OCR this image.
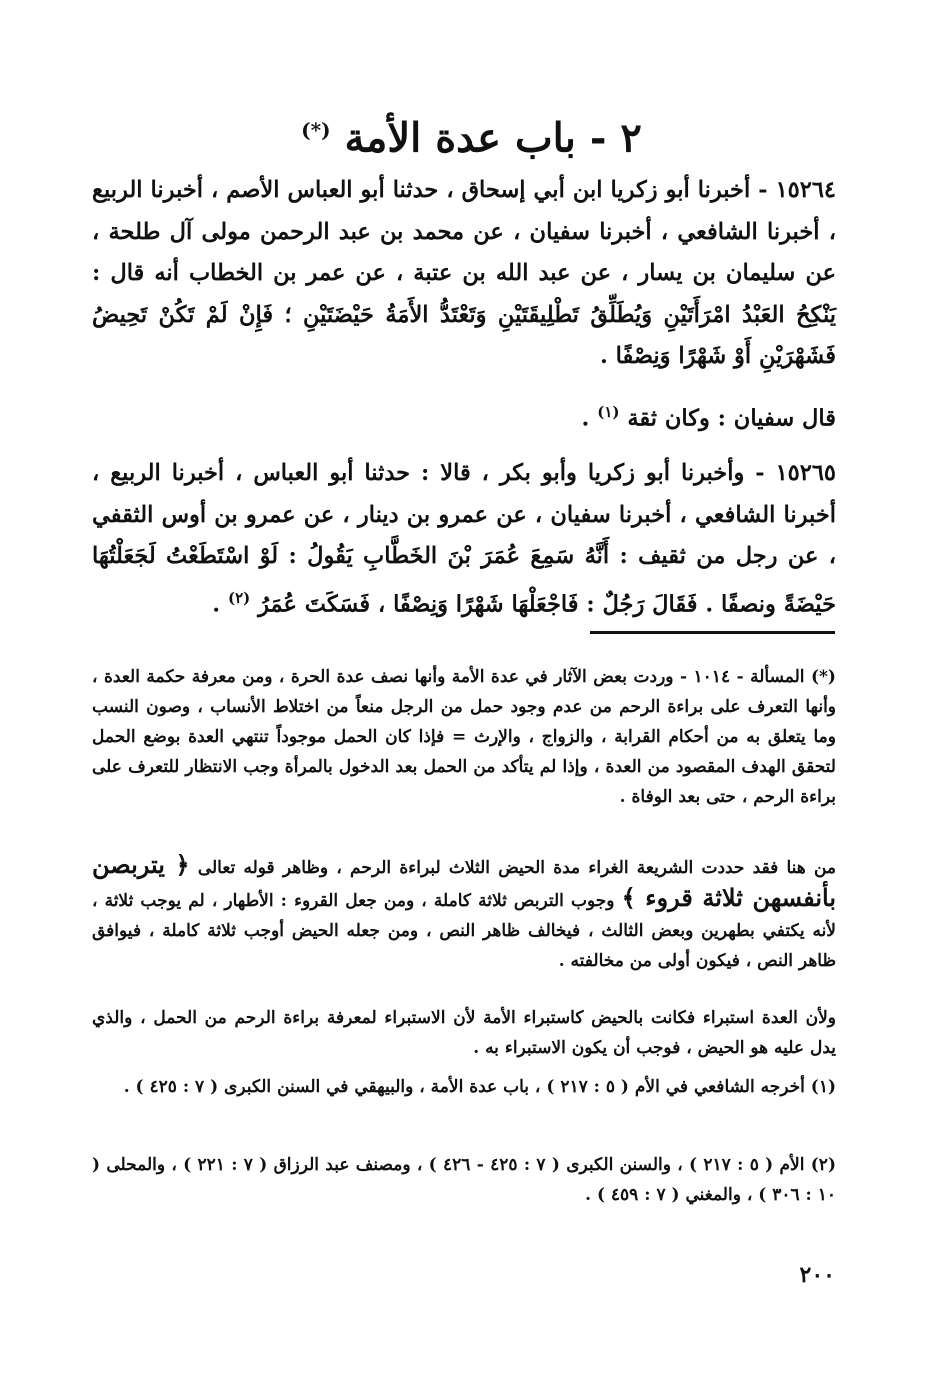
٢ - باب عدة الأمة (*)
١٥٢٦٤ - أخبرنا أبو زكريا ابن أبي إسحاق ، حدثنا أبو العباس الأصم ، أخبرنا الربيع ، أخبرنا الشافعي ، أخبرنا سفيان ، عن محمد بن عبد الرحمن مولى آل طلحة ، عن سليمان بن يسار ، عن عبد الله بن عتبة ، عن عمر بن الخطاب أنه قال : يَنْكِحُ العَبْدُ امْرَأَتَيْنِ وَيُطَلِّقُ تَطْلِيقَتَيْنِ وَتَعْتَدُّ الأَمَةُ حَيْضَتَيْنِ ؛ فَإِنْ لَمْ تَكُنْ تَحِيضُ فَشَهْرَيْنِ أَوْ شَهْرًا وَنِصْفًا .
قال سفيان : وكان ثقة $^{(١)}$ .
١٥٢٦٥ - وأخبرنا أبو زكريا وأبو بكر ، قالا : حدثنا أبو العباس ، أخبرنا الربيع ، أخبرنا الشافعي ، أخبرنا سفيان ، عن عمرو بن دينار ، عن عمرو بن أوس الثقفي ، عن رجل من ثقيف : أَنَّهُ سَمِعَ عُمَرَ بْنَ الخَطَّابِ يَقُولُ : لَوْ اسْتَطَعْتُ لَجَعَلْتُهَا حَيْضَةً ونصفًا . فَقَالَ رَجُلٌ : فَاجْعَلْهَا شَهْرًا وَنِصْفًا ، فَسَكَتَ عُمَرُ $^{(٢)}$ .
(*) المسألة - ١٠١٤ - وردت بعض الآثار في عدة الأمة وأنها نصف عدة الحرة ، ومن معرفة حكمة العدة ، وأنها التعرف على براءة الرحم من عدم وجود حمل من الرجل منعاً من اختلاط الأنساب ، وصون النسب وما يتعلق به من أحكام القرابة ، والزواج ، والإرث = فإذا كان الحمل موجوداً تنتهي العدة بوضع الحمل لتحقق الهدف المقصود من العدة ، وإذا لم يتأكد من الحمل بعد الدخول بالمرأة وجب الانتظار للتعرف على براءة الرحم ، حتى بعد الوفاة .
من هنا فقد حددت الشريعة الغراء مدة الحيض الثلاث لبراءة الرحم ، وظاهر قوله تعالى ﴿ يتربصن بأنفسهن ثلاثة قروء ﴾ وجوب التربص ثلاثة كاملة ، ومن جعل القروء : الأطهار ، لم يوجب ثلاثة ، لأنه يكتفي بطهرين وبعض الثالث ، فيخالف ظاهر النص ، ومن جعله الحيض أوجب ثلاثة كاملة ، فيوافق ظاهر النص ، فيكون أولى من مخالفته .
ولأن العدة استبراء فكانت بالحيض كاستبراء الأمة لأن الاستبراء لمعرفة براءة الرحم من الحمل ، والذي يدل عليه هو الحيض ، فوجب أن يكون الاستبراء به .
(١) أخرجه الشافعي في الأم ( ٥ : ٢١٧ ) ، باب عدة الأمة ، والبيهقي في السنن الكبرى ( ٧ : ٤٢٥ ) .
(٢) الأم ( ٥ : ٢١٧ ) ، والسنن الكبرى ( ٧ : ٤٢٥ - ٤٢٦ ) ، ومصنف عبد الرزاق ( ٧ : ٢٢١ ) ، والمحلى ( ١٠ : ٣٠٦ ) ، والمغني ( ٧ : ٤٥٩ ) .
٢٠٠
